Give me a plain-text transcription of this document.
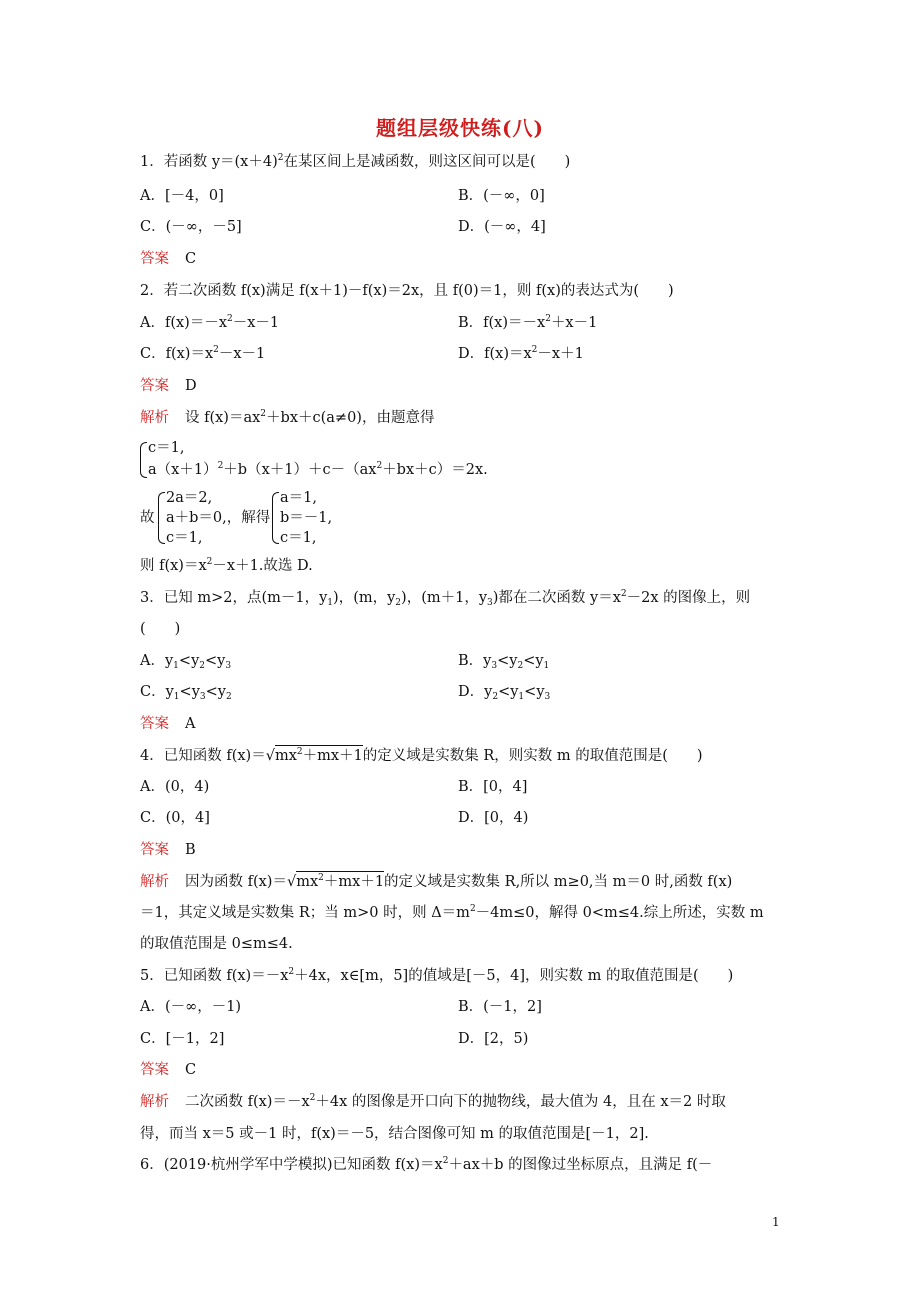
题组层级快练(八)
1．若函数 $y=(x+4)^2$在某区间上是减函数，则这区间可以是(　　)
A．[－4，0]	B．(－∞，0]
C．(－∞，－5]	D．(－∞，4]
答案 C
2．若二次函数 f(x)满足 f(x＋1)－f(x)＝2x，且 f(0)＝1，则 f(x)的表达式为(　　)
A．$f(x)=-x^2-x-1$	B．$f(x)=-x^2+x-1$
C．$f(x)=x^2-x-1$	D．$f(x)=x^2-x+1$
答案 D
解析 设 $f(x)=ax^2+bx+c(a\ne 0)$，由题意得
c＝1,
$a(x+1)^2+b(x+1)+c-(ax^2+bx+c)=2x$.
故
2a＝2,
a＋b＝0,，解得
c＝1,
a＝1,
b＝－1,
c＝1,
则 $f(x)=x^2-x+1$.故选 D.
3．已知 m>2，点(m－1，$y_1$)，(m，$y_2$)，(m＋1，$y_3$)都在二次函数 $y=x^2-2x$ 的图像上，则
(　　)
A．$y_1<y_2<y_3$	B．$y_3<y_2<y_1$
C．$y_1<y_3<y_2$	D．$y_2<y_1<y_3$
答案 A
4．已知函数 $f(x)=√mx^2+mx+1$的定义域是实数集 R，则实数 m 的取值范围是(　　)
A．(0，4)	B．[0，4]
C．(0，4]	D．[0，4)
答案 B
解析 因为函数 $f(x)=√mx^2+mx+1$的定义域是实数集 R,所以 m≥0,当 m＝0 时,函数 f(x)
＝1，其定义域是实数集 R；当 m>0 时，则 $\Delta=m^2-4m\le 0$，解得 0<m≤4.综上所述，实数 m
的取值范围是 0≤m≤4.
5．已知函数 $f(x)=-x^2+4x$，x∈[m，5]的值域是[－5，4]，则实数 m 的取值范围是(　　)
A．(－∞，－1)	B．(－1，2]
C．[－1，2]	D．[2，5)
答案 C
解析 二次函数 $f(x)=-x^2+4x$ 的图像是开口向下的抛物线，最大值为 4，且在 x＝2 时取
得，而当 x＝5 或－1 时，f(x)＝－5，结合图像可知 m 的取值范围是[－1，2].
6．(2019·杭州学军中学模拟)已知函数 $f(x)=x^2+ax+b$ 的图像过坐标原点，且满足 f(－
1
